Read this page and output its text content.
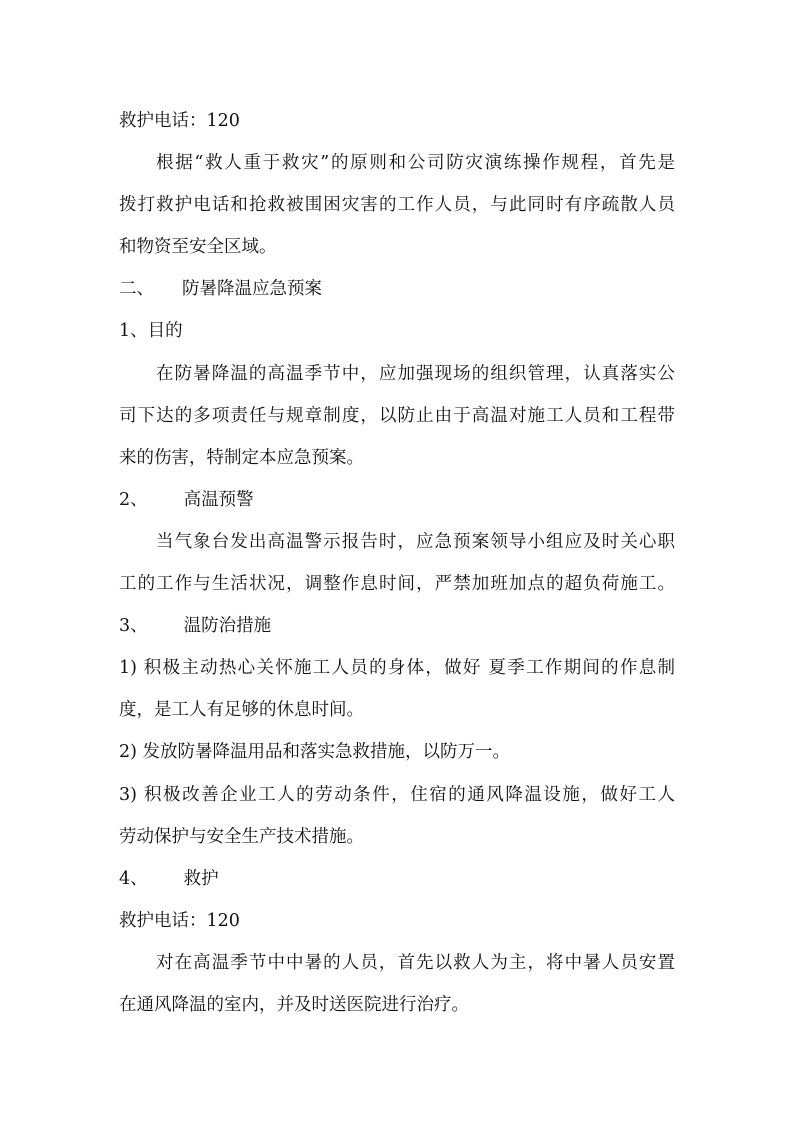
救护电话：120
根据“救人重于救灾”的原则和公司防灾演练操作规程，首先是
拨打救护电话和抢救被围困灾害的工作人员，与此同时有序疏散人员
和物资至安全区域。
二、 防暑降温应急预案
1、目的
在防暑降温的高温季节中，应加强现场的组织管理，认真落实公
司下达的多项责任与规章制度，以防止由于高温对施工人员和工程带
来的伤害，特制定本应急预案。
2、 高温预警
当气象台发出高温警示报告时，应急预案领导小组应及时关心职
工的工作与生活状况，调整作息时间，严禁加班加点的超负荷施工。
3、 温防治措施
1) 积极主动热心关怀施工人员的身体，做好 夏季工作期间的作息制
度，是工人有足够的休息时间。
2) 发放防暑降温用品和落实急救措施，以防万一。
3) 积极改善企业工人的劳动条件，住宿的通风降温设施，做好工人
劳动保护与安全生产技术措施。
4、 救护
救护电话：120
对在高温季节中中暑的人员，首先以救人为主，将中暑人员安置
在通风降温的室内，并及时送医院进行治疗。
